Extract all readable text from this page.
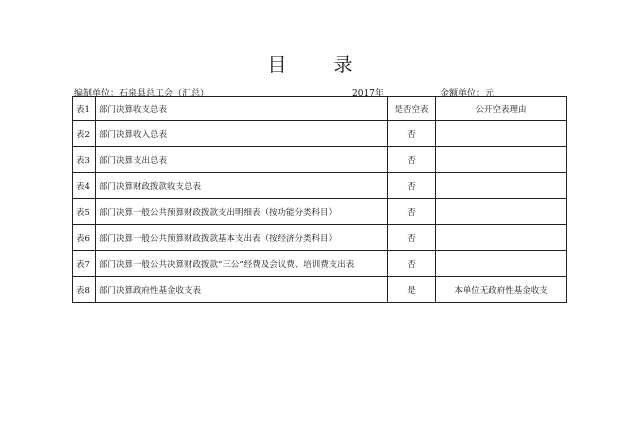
目　录
编制单位：石泉县总工会（汇总）	2017年	金额单位：元
表1	部门决算收支总表	是否空表	公开空表理由
表2	部门决算收入总表	否	
表3	部门决算支出总表	否	
表4	部门决算财政拨款收支总表	否	
表5	部门决算一般公共预算财政拨款支出明细表（按功能分类科目）	否	
表6	部门决算一般公共预算财政拨款基本支出表（按经济分类科目）	否	
表7	部门决算一般公共决算财政拨款“三公”经费及会议费、培训费支出表	否	
表8	部门决算政府性基金收支表	是	本单位无政府性基金收支
